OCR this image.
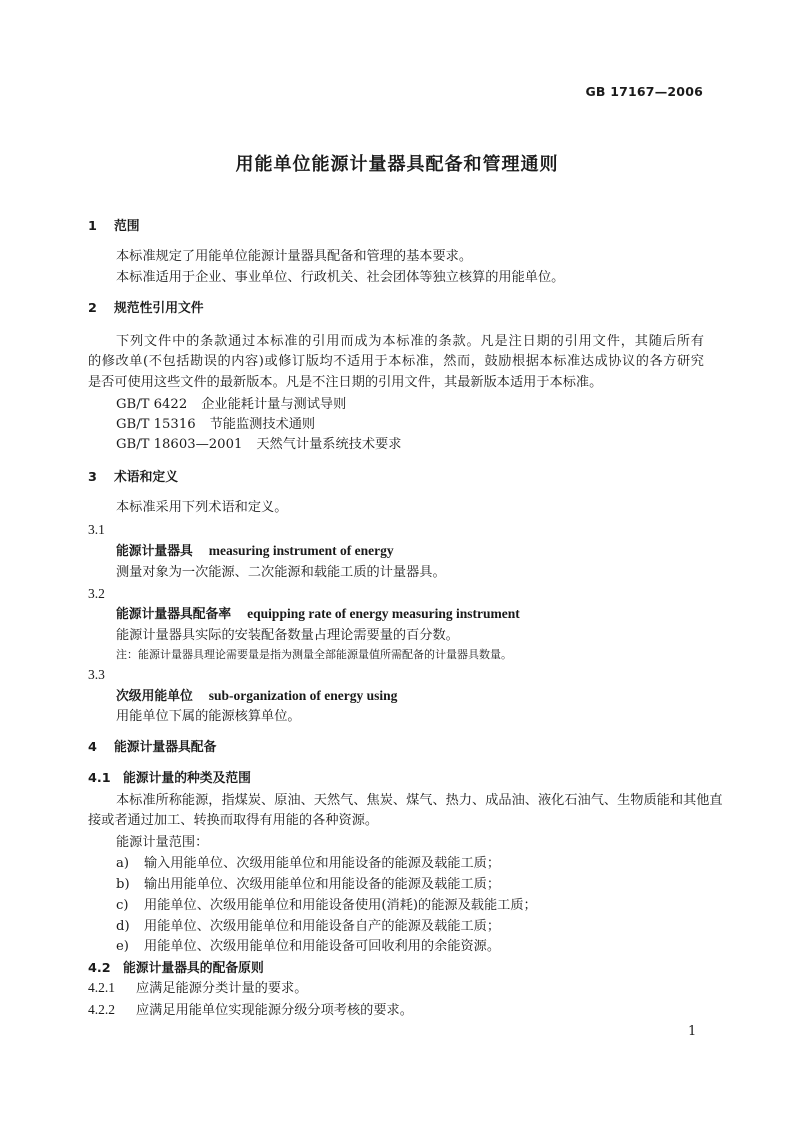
GB 17167—2006
用能单位能源计量器具配备和管理通则
1 范围
本标准规定了用能单位能源计量器具配备和管理的基本要求。
本标准适用于企业、事业单位、行政机关、社会团体等独立核算的用能单位。
2 规范性引用文件
下列文件中的条款通过本标准的引用而成为本标准的条款。凡是注日期的引用文件，其随后所有
的修改单(不包括勘误的内容)或修订版均不适用于本标准，然而，鼓励根据本标准达成协议的各方研究
是否可使用这些文件的最新版本。凡是不注日期的引用文件，其最新版本适用于本标准。
GB/T 6422 企业能耗计量与测试导则
GB/T 15316 节能监测技术通则
GB/T 18603—2001 天然气计量系统技术要求
3 术语和定义
本标准采用下列术语和定义。
3.1
能源计量器具 measuring instrument of energy
测量对象为一次能源、二次能源和载能工质的计量器具。
3.2
能源计量器具配备率 equipping rate of energy measuring instrument
能源计量器具实际的安装配备数量占理论需要量的百分数。
注：能源计量器具理论需要量是指为测量全部能源量值所需配备的计量器具数量。
3.3
次级用能单位 sub-organization of energy using
用能单位下属的能源核算单位。
4 能源计量器具配备
4.1 能源计量的种类及范围
本标准所称能源，指煤炭、原油、天然气、焦炭、煤气、热力、成品油、液化石油气、生物质能和其他直
接或者通过加工、转换而取得有用能的各种资源。
能源计量范围：
a) 输入用能单位、次级用能单位和用能设备的能源及载能工质；
b) 输出用能单位、次级用能单位和用能设备的能源及载能工质；
c) 用能单位、次级用能单位和用能设备使用(消耗)的能源及载能工质；
d) 用能单位、次级用能单位和用能设备自产的能源及载能工质；
e) 用能单位、次级用能单位和用能设备可回收利用的余能资源。
4.2 能源计量器具的配备原则
4.2.1 应满足能源分类计量的要求。
4.2.2 应满足用能单位实现能源分级分项考核的要求。
1
